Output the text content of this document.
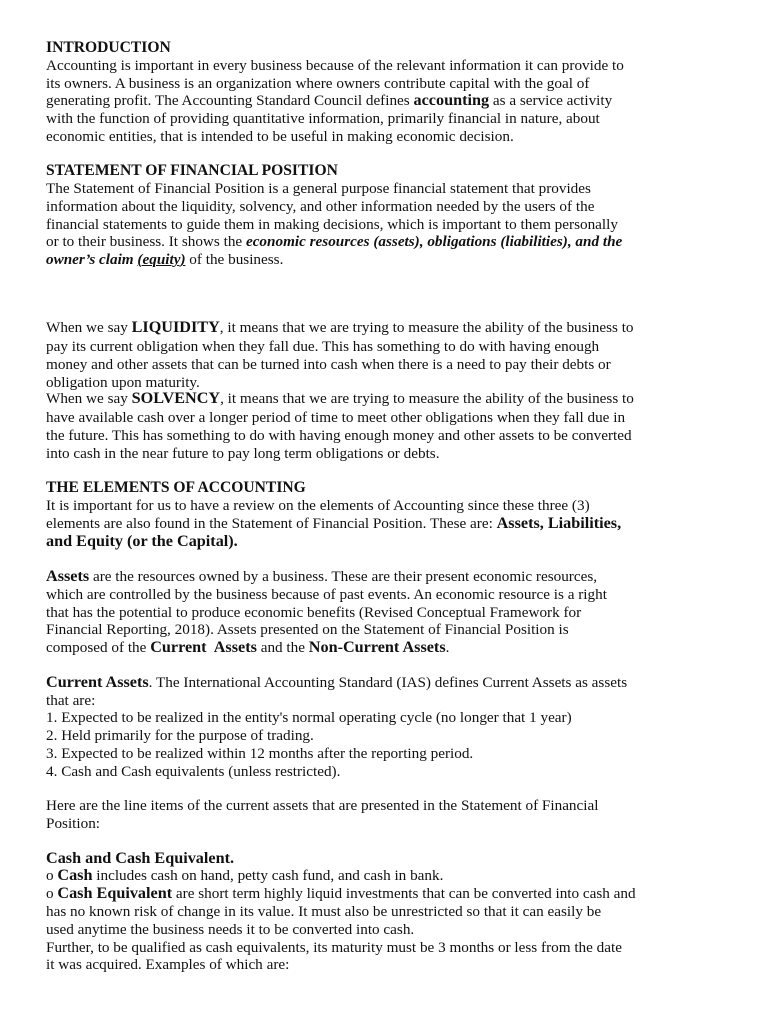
INTRODUCTION
Accounting is important in every business because of the relevant information it can provide to
its owners. A business is an organization where owners contribute capital with the goal of
generating profit. The Accounting Standard Council defines accounting as a service activity
with the function of providing quantitative information, primarily financial in nature, about
economic entities, that is intended to be useful in making economic decision.
STATEMENT OF FINANCIAL POSITION
The Statement of Financial Position is a general purpose financial statement that provides
information about the liquidity, solvency, and other information needed by the users of the
financial statements to guide them in making decisions, which is important to them personally
or to their business. It shows the economic resources (assets), obligations (liabilities), and the
owner’s claim (equity) of the business.
When we say LIQUIDITY, it means that we are trying to measure the ability of the business to
pay its current obligation when they fall due. This has something to do with having enough
money and other assets that can be turned into cash when there is a need to pay their debts or
obligation upon maturity.
When we say SOLVENCY, it means that we are trying to measure the ability of the business to
have available cash over a longer period of time to meet other obligations when they fall due in
the future. This has something to do with having enough money and other assets to be converted
into cash in the near future to pay long term obligations or debts.
THE ELEMENTS OF ACCOUNTING
It is important for us to have a review on the elements of Accounting since these three (3)
elements are also found in the Statement of Financial Position. These are: Assets, Liabilities,
and Equity (or the Capital).
Assets are the resources owned by a business. These are their present economic resources,
which are controlled by the business because of past events. An economic resource is a right
that has the potential to produce economic benefits (Revised Conceptual Framework for
Financial Reporting, 2018). Assets presented on the Statement of Financial Position is
composed of the Current  Assets and the Non-Current Assets.
Current Assets. The International Accounting Standard (IAS) defines Current Assets as assets
that are:
1. Expected to be realized in the entity's normal operating cycle (no longer that 1 year)
2. Held primarily for the purpose of trading.
3. Expected to be realized within 12 months after the reporting period.
4. Cash and Cash equivalents (unless restricted).
Here are the line items of the current assets that are presented in the Statement of Financial
Position:
Cash and Cash Equivalent.
o Cash includes cash on hand, petty cash fund, and cash in bank.
o Cash Equivalent are short term highly liquid investments that can be converted into cash and
has no known risk of change in its value. It must also be unrestricted so that it can easily be
used anytime the business needs it to be converted into cash.
Further, to be qualified as cash equivalents, its maturity must be 3 months or less from the date
it was acquired. Examples of which are:
